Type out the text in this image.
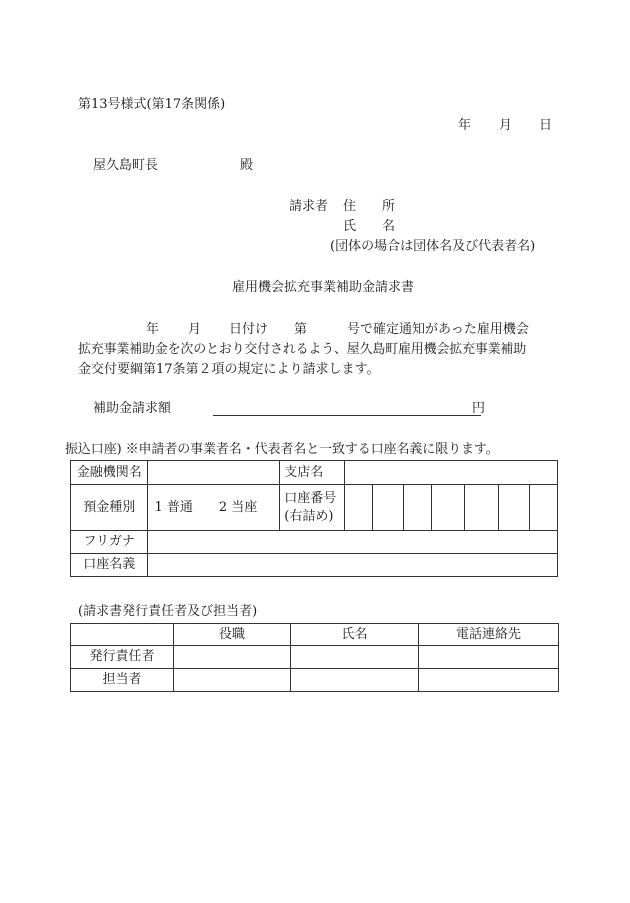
第13号様式(第17条関係)
年 月 日
屋久島町長	殿
請求者 住　　所
氏　　名
(団体の場合は団体名及び代表者名)
雇用機会拡充事業補助金請求書
年 月 日付け 第	号で確定通知があった雇用機会
拡充事業補助金を次のとおり交付されるよう、屋久島町雇用機会拡充事業補助
金交付要綱第17条第２項の規定により請求します。
補助金請求額	円
振込口座) ※申請者の事業者名・代表者名と一致する口座名義に限ります。
金融機関名		支店名							
預金種別	1 普通　　2 当座	口座番号
(右詰め)							

フリガナ									
口座名義									
(請求書発行責任者及び担当者)
	役職	氏名	電話連絡先
発行責任者			
担当者			
